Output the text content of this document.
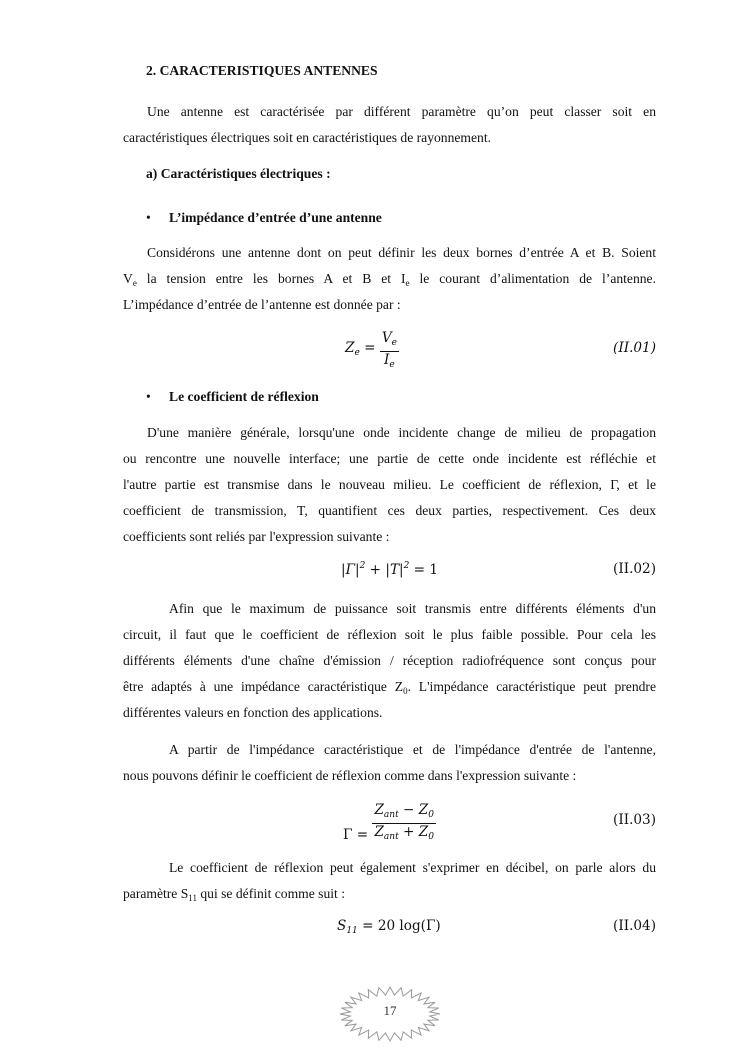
2. CARACTERISTIQUES ANTENNES
Une antenne est caractérisée par différent paramètre qu’on peut classer soit en
caractéristiques électriques soit en caractéristiques de rayonnement.
a) Caractéristiques électriques :
• L’impédance d’entrée d’une antenne
Considérons une antenne dont on peut définir les deux bornes d’entrée A et B. Soient
$V_e$ la tension entre les bornes A et B et $I_e$ le courant d’alimentation de l’antenne.
L’impédance d’entrée de l’antenne est donnée par :
$Z_e = \frac{V_e}{I_e}$	(II.01)
• Le coefficient de réflexion
D'une manière générale, lorsqu'une onde incidente change de milieu de propagation
ou rencontre une nouvelle interface; une partie de cette onde incidente est réfléchie et
l'autre partie est transmise dans le nouveau milieu. Le coefficient de réflexion, Γ, et le
coefficient de transmission, T, quantifient ces deux parties, respectivement. Ces deux
coefficients sont reliés par l'expression suivante :
$|\Gamma|^2 + |T|^2 = 1$	(II.02)
Afin que le maximum de puissance soit transmis entre différents éléments d'un
circuit, il faut que le coefficient de réflexion soit le plus faible possible. Pour cela les
différents éléments d'une chaîne d'émission / réception radiofréquence sont conçus pour
être adaptés à une impédance caractéristique $Z_0$. L'impédance caractéristique peut prendre
différentes valeurs en fonction des applications.
A partir de l'impédance caractéristique et de l'impédance d'entrée de l'antenne,
nous pouvons définir le coefficient de réflexion comme dans l'expression suivante :
$\Gamma = \frac{Z_{ant} - Z_0}{Z_{ant} + Z_0}$	(II.03)
Le coefficient de réflexion peut également s'exprimer en décibel, on parle alors du
paramètre $S_{11}$ qui se définit comme suit :
$S_{11} = 20$ log(Γ)	(II.04)
17
